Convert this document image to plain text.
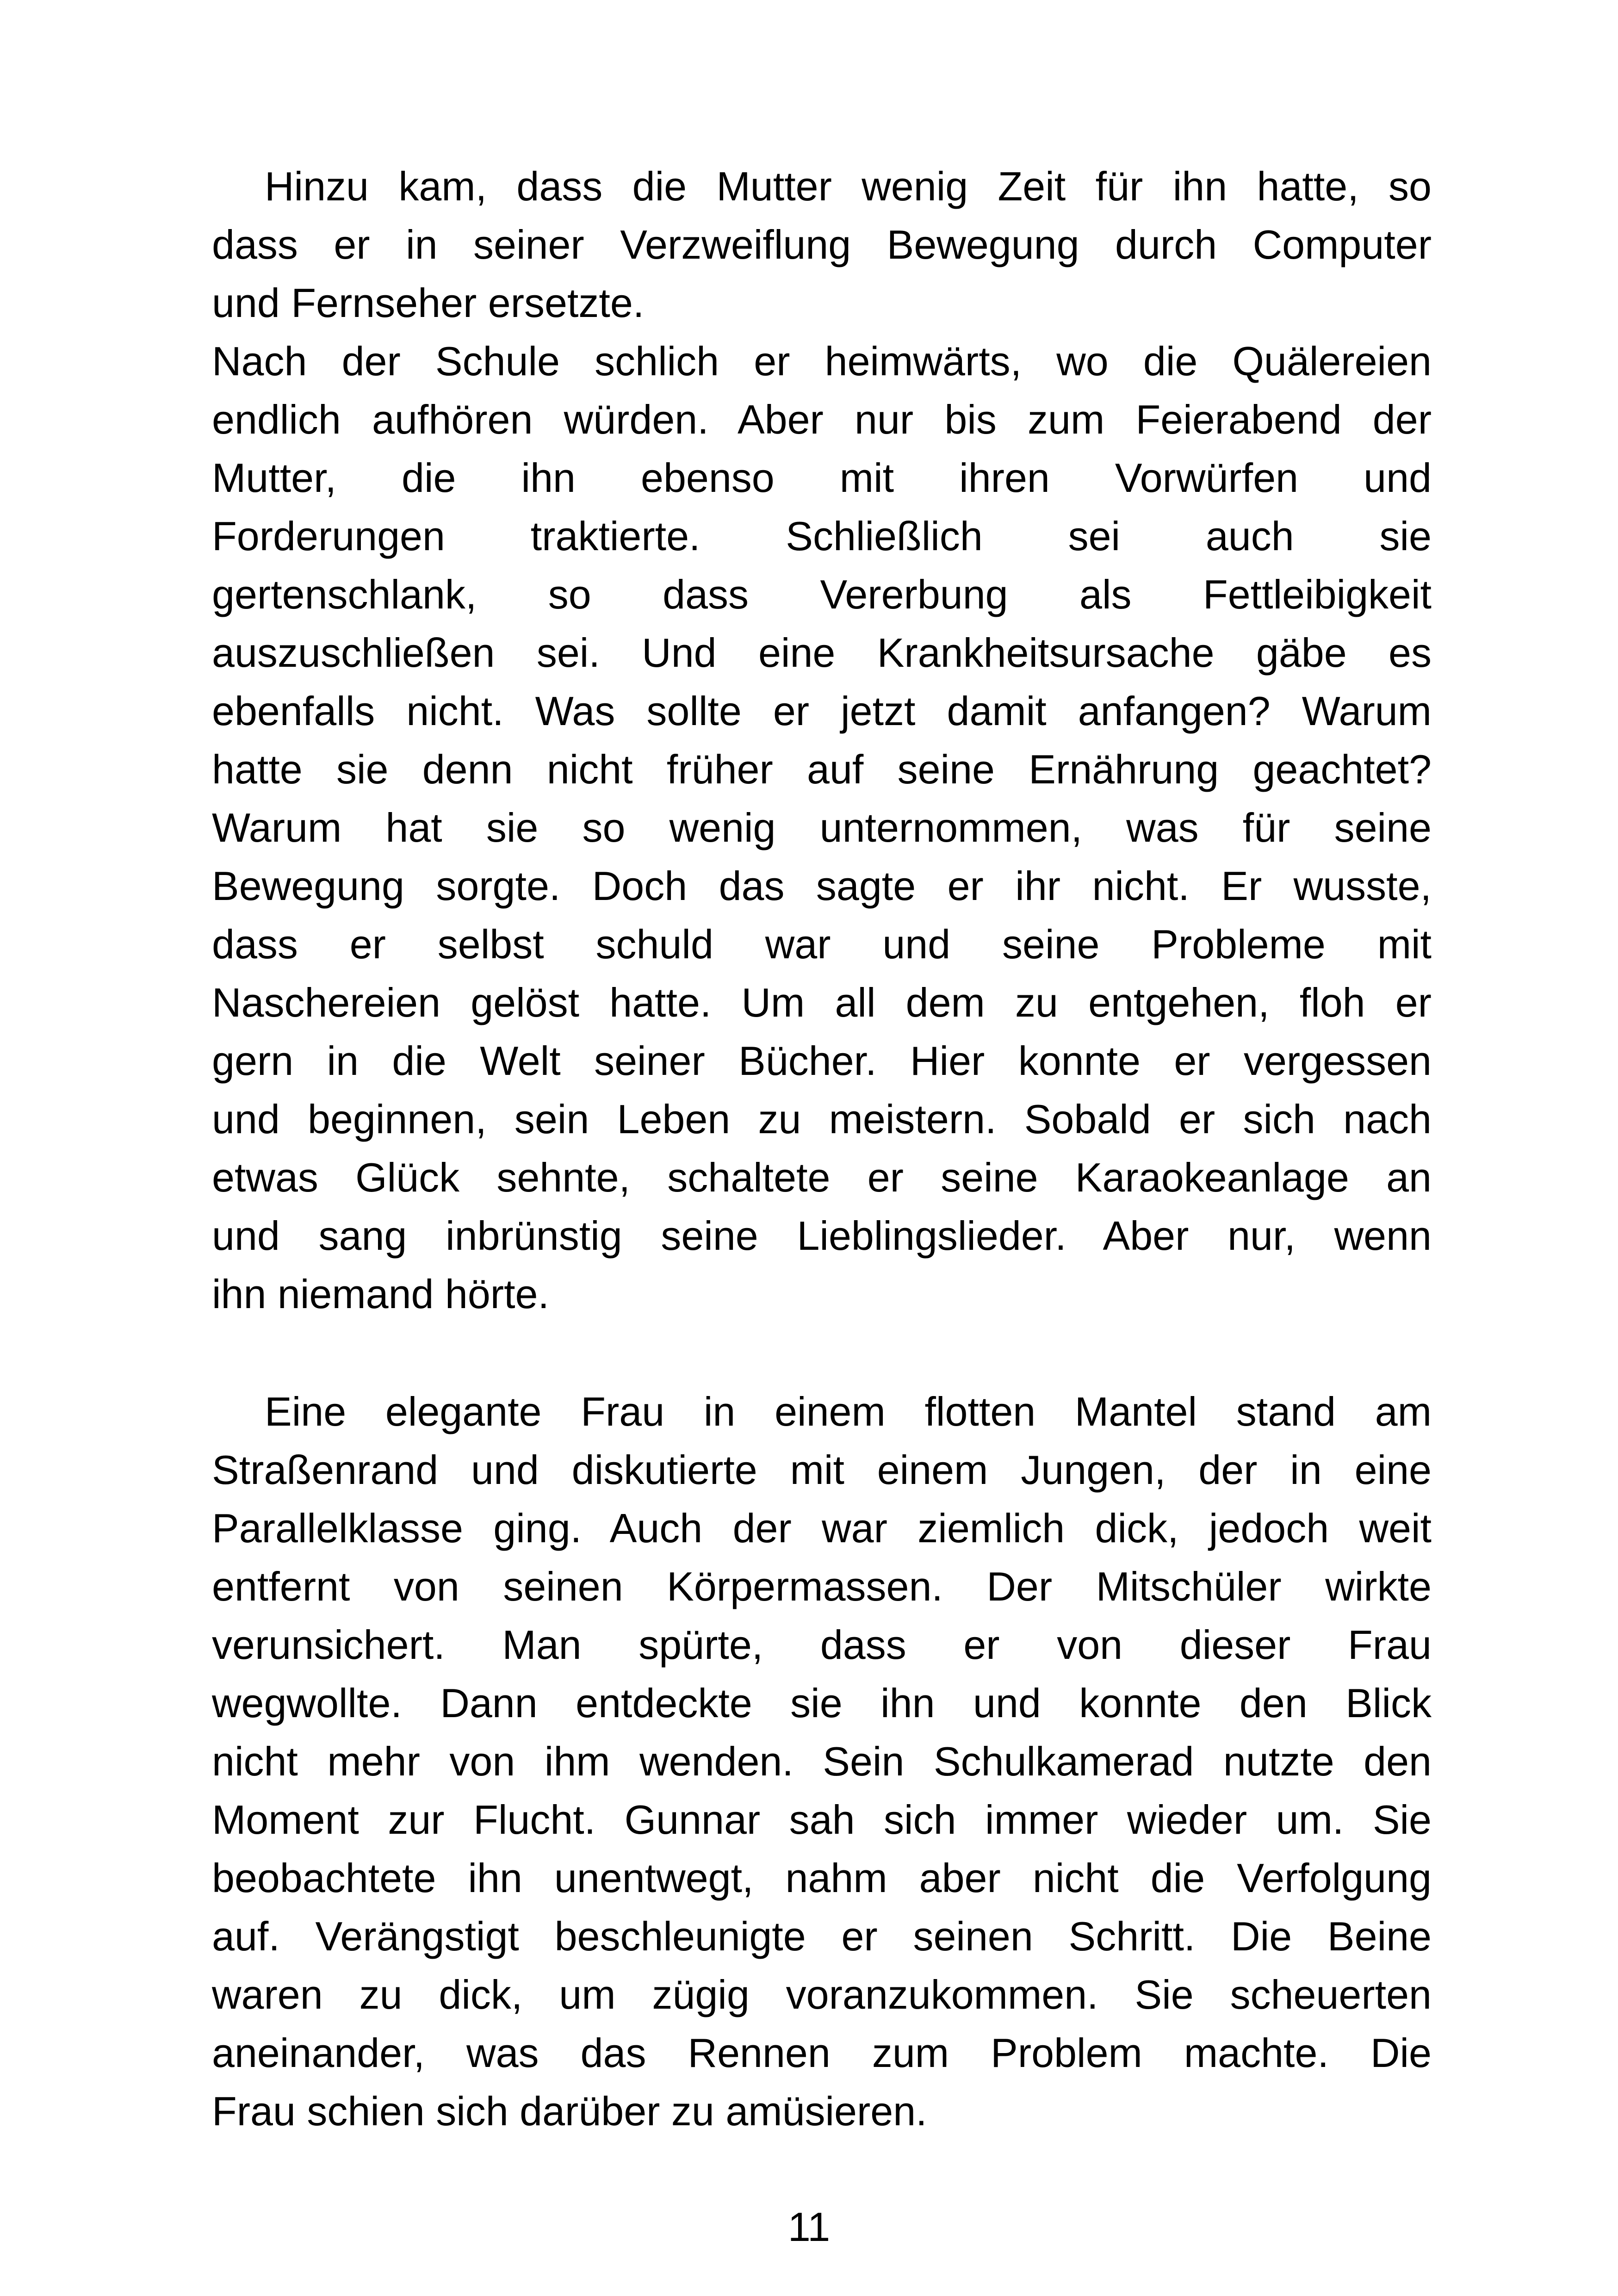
Hinzu kam, dass die Mutter wenig Zeit für ihn hatte, so
dass er in seiner Verzweiflung Bewegung durch Computer
und Fernseher ersetzte.
Nach der Schule schlich er heimwärts, wo die Quälereien
endlich aufhören würden. Aber nur bis zum Feierabend der
Mutter, die ihn ebenso mit ihren Vorwürfen und
Forderungen traktierte. Schließlich sei auch sie
gertenschlank, so dass Vererbung als Fettleibigkeit
auszuschließen sei. Und eine Krankheitsursache gäbe es
ebenfalls nicht. Was sollte er jetzt damit anfangen? Warum
hatte sie denn nicht früher auf seine Ernährung geachtet?
Warum hat sie so wenig unternommen, was für seine
Bewegung sorgte. Doch das sagte er ihr nicht. Er wusste,
dass er selbst schuld war und seine Probleme mit
Naschereien gelöst hatte. Um all dem zu entgehen, floh er
gern in die Welt seiner Bücher. Hier konnte er vergessen
und beginnen, sein Leben zu meistern. Sobald er sich nach
etwas Glück sehnte, schaltete er seine Karaokeanlage an
und sang inbrünstig seine Lieblingslieder. Aber nur, wenn
ihn niemand hörte.
Eine elegante Frau in einem flotten Mantel stand am
Straßenrand und diskutierte mit einem Jungen, der in eine
Parallelklasse ging. Auch der war ziemlich dick, jedoch weit
entfernt von seinen Körpermassen. Der Mitschüler wirkte
verunsichert. Man spürte, dass er von dieser Frau
wegwollte. Dann entdeckte sie ihn und konnte den Blick
nicht mehr von ihm wenden. Sein Schulkamerad nutzte den
Moment zur Flucht. Gunnar sah sich immer wieder um. Sie
beobachtete ihn unentwegt, nahm aber nicht die Verfolgung
auf. Verängstigt beschleunigte er seinen Schritt. Die Beine
waren zu dick, um zügig voranzukommen. Sie scheuerten
aneinander, was das Rennen zum Problem machte. Die
Frau schien sich darüber zu amüsieren.
11
